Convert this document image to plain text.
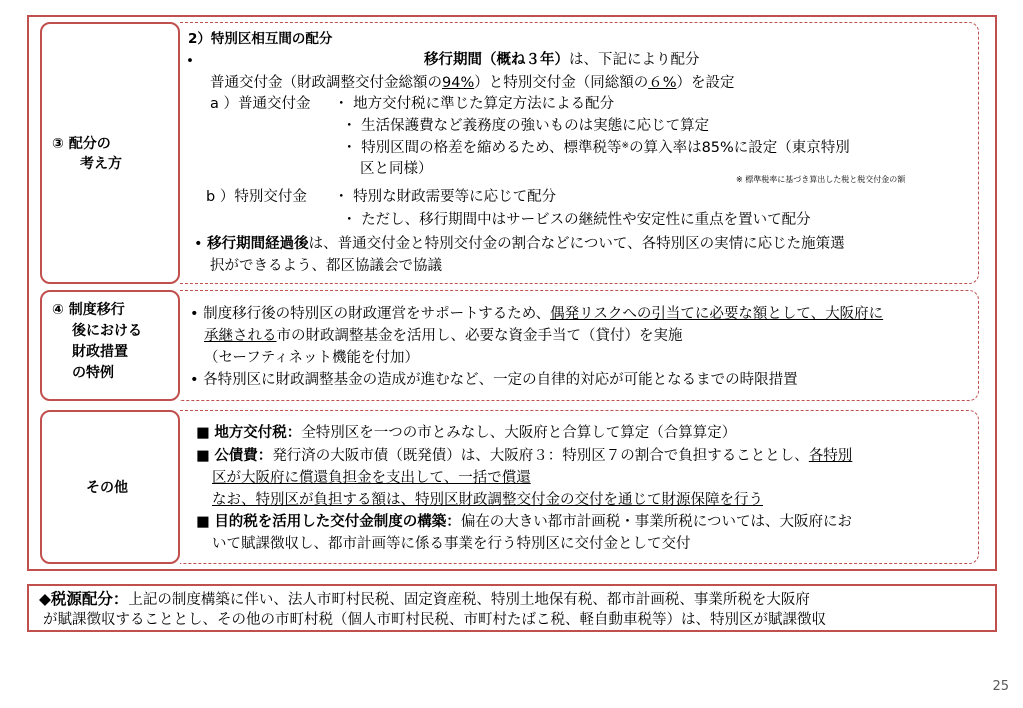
③ 配分の
考え方
2）特別区相互間の配分
•	移行期間（概ね３年）は、下記により配分
普通交付金（財政調整交付金総額の94%）と特別交付金（同総額の６%）を設定
a ）普通交付金 ・ 地方交付税に準じた算定方法による配分
・ 生活保護費など義務度の強いものは実態に応じて算定
・ 特別区間の格差を縮めるため、標準税等※の算入率は85%に設定（東京特別
区と同様）
※ 標準税率に基づき算出した税と税交付金の額
b ）特別交付金 ・ 特別な財政需要等に応じて配分
・ ただし、移行期間中はサービスの継続性や安定性に重点を置いて配分
• 移行期間経過後は、普通交付金と特別交付金の割合などについて、各特別区の実情に応じた施策選
択ができるよう、都区協議会で協議
④ 制度移行
後における
財政措置
の特例
• 制度移行後の特別区の財政運営をサポートするため、偶発リスクへの引当てに必要な額として、大阪府に
承継される市の財政調整基金を活用し、必要な資金手当て（貸付）を実施
（セーフティネット機能を付加）
• 各特別区に財政調整基金の造成が進むなど、一定の自律的対応が可能となるまでの時限措置
その他
■ 地方交付税：全特別区を一つの市とみなし、大阪府と合算して算定（合算算定）
■ 公債費：発行済の大阪市債（既発債）は、大阪府３：特別区７の割合で負担することとし、各特別
区が大阪府に償還負担金を支出して、一括で償還
なお、特別区が負担する額は、特別区財政調整交付金の交付を通じて財源保障を行う
■ 目的税を活用した交付金制度の構築：偏在の大きい都市計画税・事業所税については、大阪府にお
いて賦課徴収し、都市計画等に係る事業を行う特別区に交付金として交付
◆税源配分：上記の制度構築に伴い、法人市町村民税、固定資産税、特別土地保有税、都市計画税、事業所税を大阪府
が賦課徴収することとし、その他の市町村税（個人市町村民税、市町村たばこ税、軽自動車税等）は、特別区が賦課徴収
25
